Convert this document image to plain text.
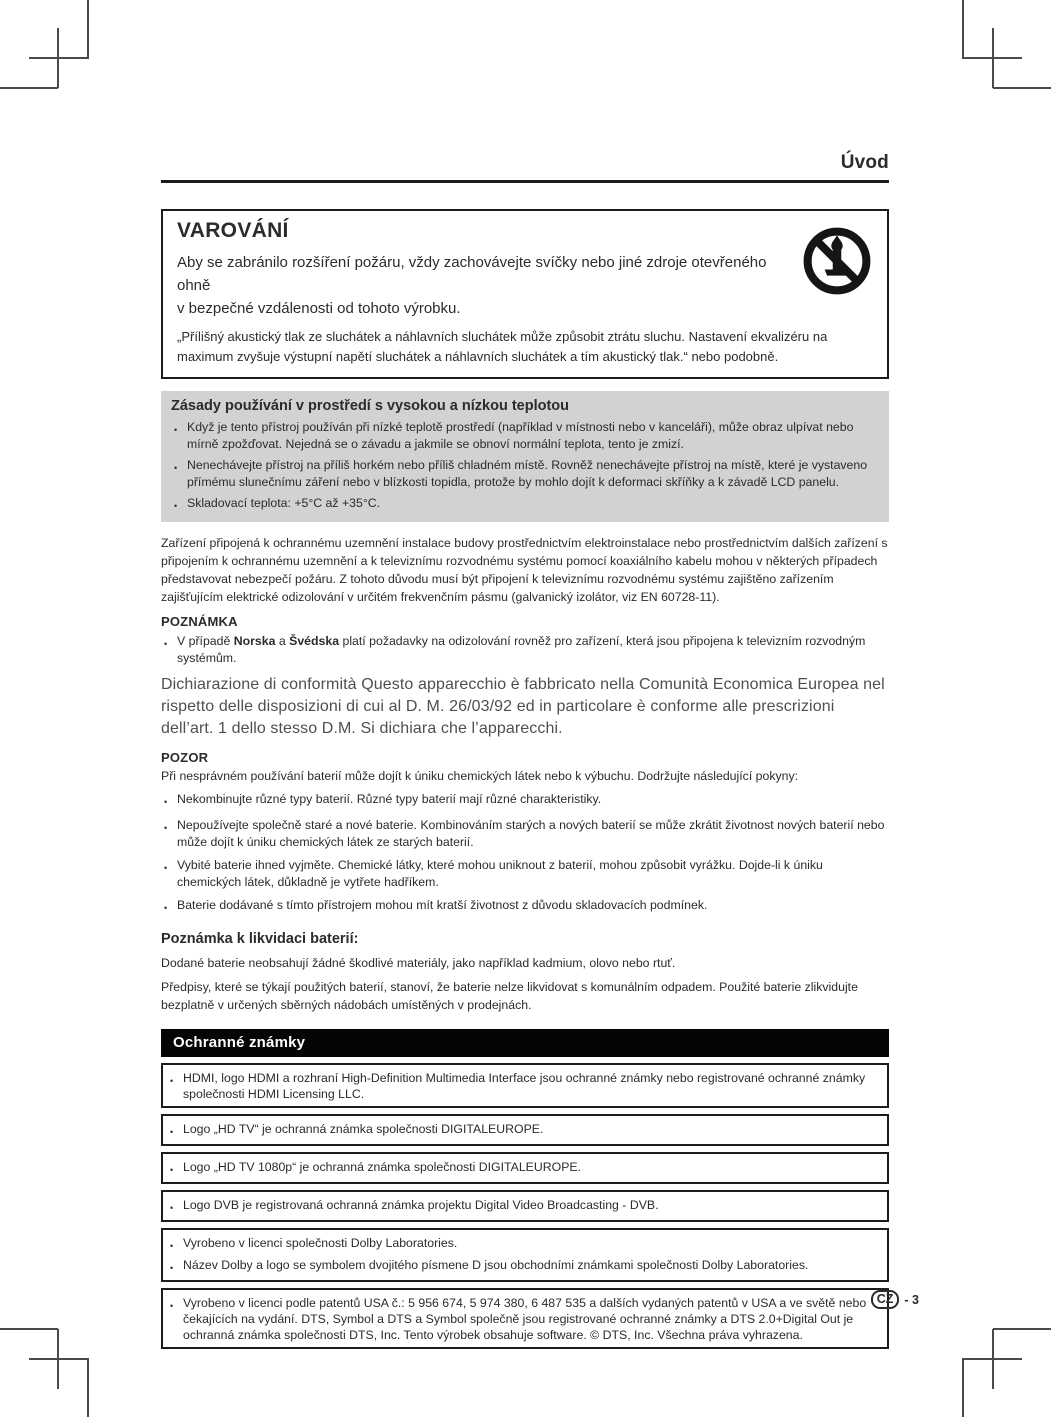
Úvod
VAROVÁNÍ
Aby se zabránilo rozšíření požáru, vždy zachovávejte svíčky nebo jiné zdroje otevřeného ohně
v bezpečné vzdálenosti od tohoto výrobku.
„Přílišný akustický tlak ze sluchátek a náhlavních sluchátek může způsobit ztrátu sluchu. Nastavení ekvalizéru na maximum zvyšuje výstupní napětí sluchátek a náhlavních sluchátek a tím akustický tlak.“ nebo podobně.
Zásady používání v prostředí s vysokou a nízkou teplotou
• Když je tento přístroj používán při nízké teplotě prostředí (například v místnosti nebo v kanceláři), může obraz ulpívat nebo mírně zpožďovat. Nejedná se o závadu a jakmile se obnoví normální teplota, tento je zmizí.
• Nenechávejte přístroj na příliš horkém nebo příliš chladném místě. Rovněž nenechávejte přístroj na místě, které je vystaveno přímému slunečnímu záření nebo v blízkosti topidla, protože by mohlo dojít k deformaci skříňky a k závadě LCD panelu.
• Skladovací teplota: +5°C až +35°C.
Zařízení připojená k ochrannému uzemnění instalace budovy prostřednictvím elektroinstalace nebo prostřednictvím dalších zařízení s připojením k ochrannému uzemnění a k televiznímu rozvodnému systému pomocí koaxiálního kabelu mohou v některých případech představovat nebezpečí požáru. Z tohoto důvodu musí být připojení k televiznímu rozvodnému systému zajištěno zařízením zajišťujícím elektrické odizolování v určitém frekvenčním pásmu (galvanický izolátor, viz EN 60728-11).
POZNÁMKA
• V případě Norska a Švédska platí požadavky na odizolování rovněž pro zařízení, která jsou připojena k televizním rozvodným systémům.
Dichiarazione di conformità Questo apparecchio è fabbricato nella Comunità Economica Europea nel rispetto delle disposizioni di cui al D. M. 26/03/92 ed in particolare è conforme alle prescrizioni dell’art. 1 dello stesso D.M. Si dichiara che l’apparecchi.
POZOR
Při nesprávném používání baterií může dojít k úniku chemických látek nebo k výbuchu. Dodržujte následující pokyny:
• Nekombinujte různé typy baterií. Různé typy baterií mají různé charakteristiky.
• Nepoužívejte společně staré a nové baterie. Kombinováním starých a nových baterií se může zkrátit životnost nových baterií nebo může dojít k úniku chemických látek ze starých baterií.
• Vybité baterie ihned vyjměte. Chemické látky, které mohou uniknout z baterií, mohou způsobit vyrážku. Dojde-li k úniku chemických látek, důkladně je vytřete hadříkem.
• Baterie dodávané s tímto přístrojem mohou mít kratší životnost z důvodu skladovacích podmínek.
Poznámka k likvidaci baterií:
Dodané baterie neobsahují žádné škodlivé materiály, jako například kadmium, olovo nebo rtuť.
Předpisy, které se týkají použitých baterií, stanoví, že baterie nelze likvidovat s komunálním odpadem. Použité baterie zlikvidujte bezplatně v určených sběrných nádobách umístěných v prodejnách.
Ochranné známky
• HDMI, logo HDMI a rozhraní High-Definition Multimedia Interface jsou ochranné známky nebo registrované ochranné známky společnosti HDMI Licensing LLC.
• Logo „HD TV“ je ochranná známka společnosti DIGITALEUROPE.
• Logo „HD TV 1080p“ je ochranná známka společnosti DIGITALEUROPE.
• Logo DVB je registrovaná ochranná známka projektu Digital Video Broadcasting - DVB.
• Vyrobeno v licenci společnosti Dolby Laboratories.
• Název Dolby a logo se symbolem dvojitého písmene D jsou obchodními známkami společnosti Dolby Laboratories.
• Vyrobeno v licenci podle patentů USA č.: 5 956 674, 5 974 380, 6 487 535 a dalších vydaných patentů v USA a ve světě nebo čekajících na vydání. DTS, Symbol a DTS a Symbol společně jsou registrované ochranné známky a DTS 2.0+Digital Out je ochranná známka společnosti DTS, Inc. Tento výrobek obsahuje software. © DTS, Inc. Všechna práva vyhrazena.
CZ - 3
